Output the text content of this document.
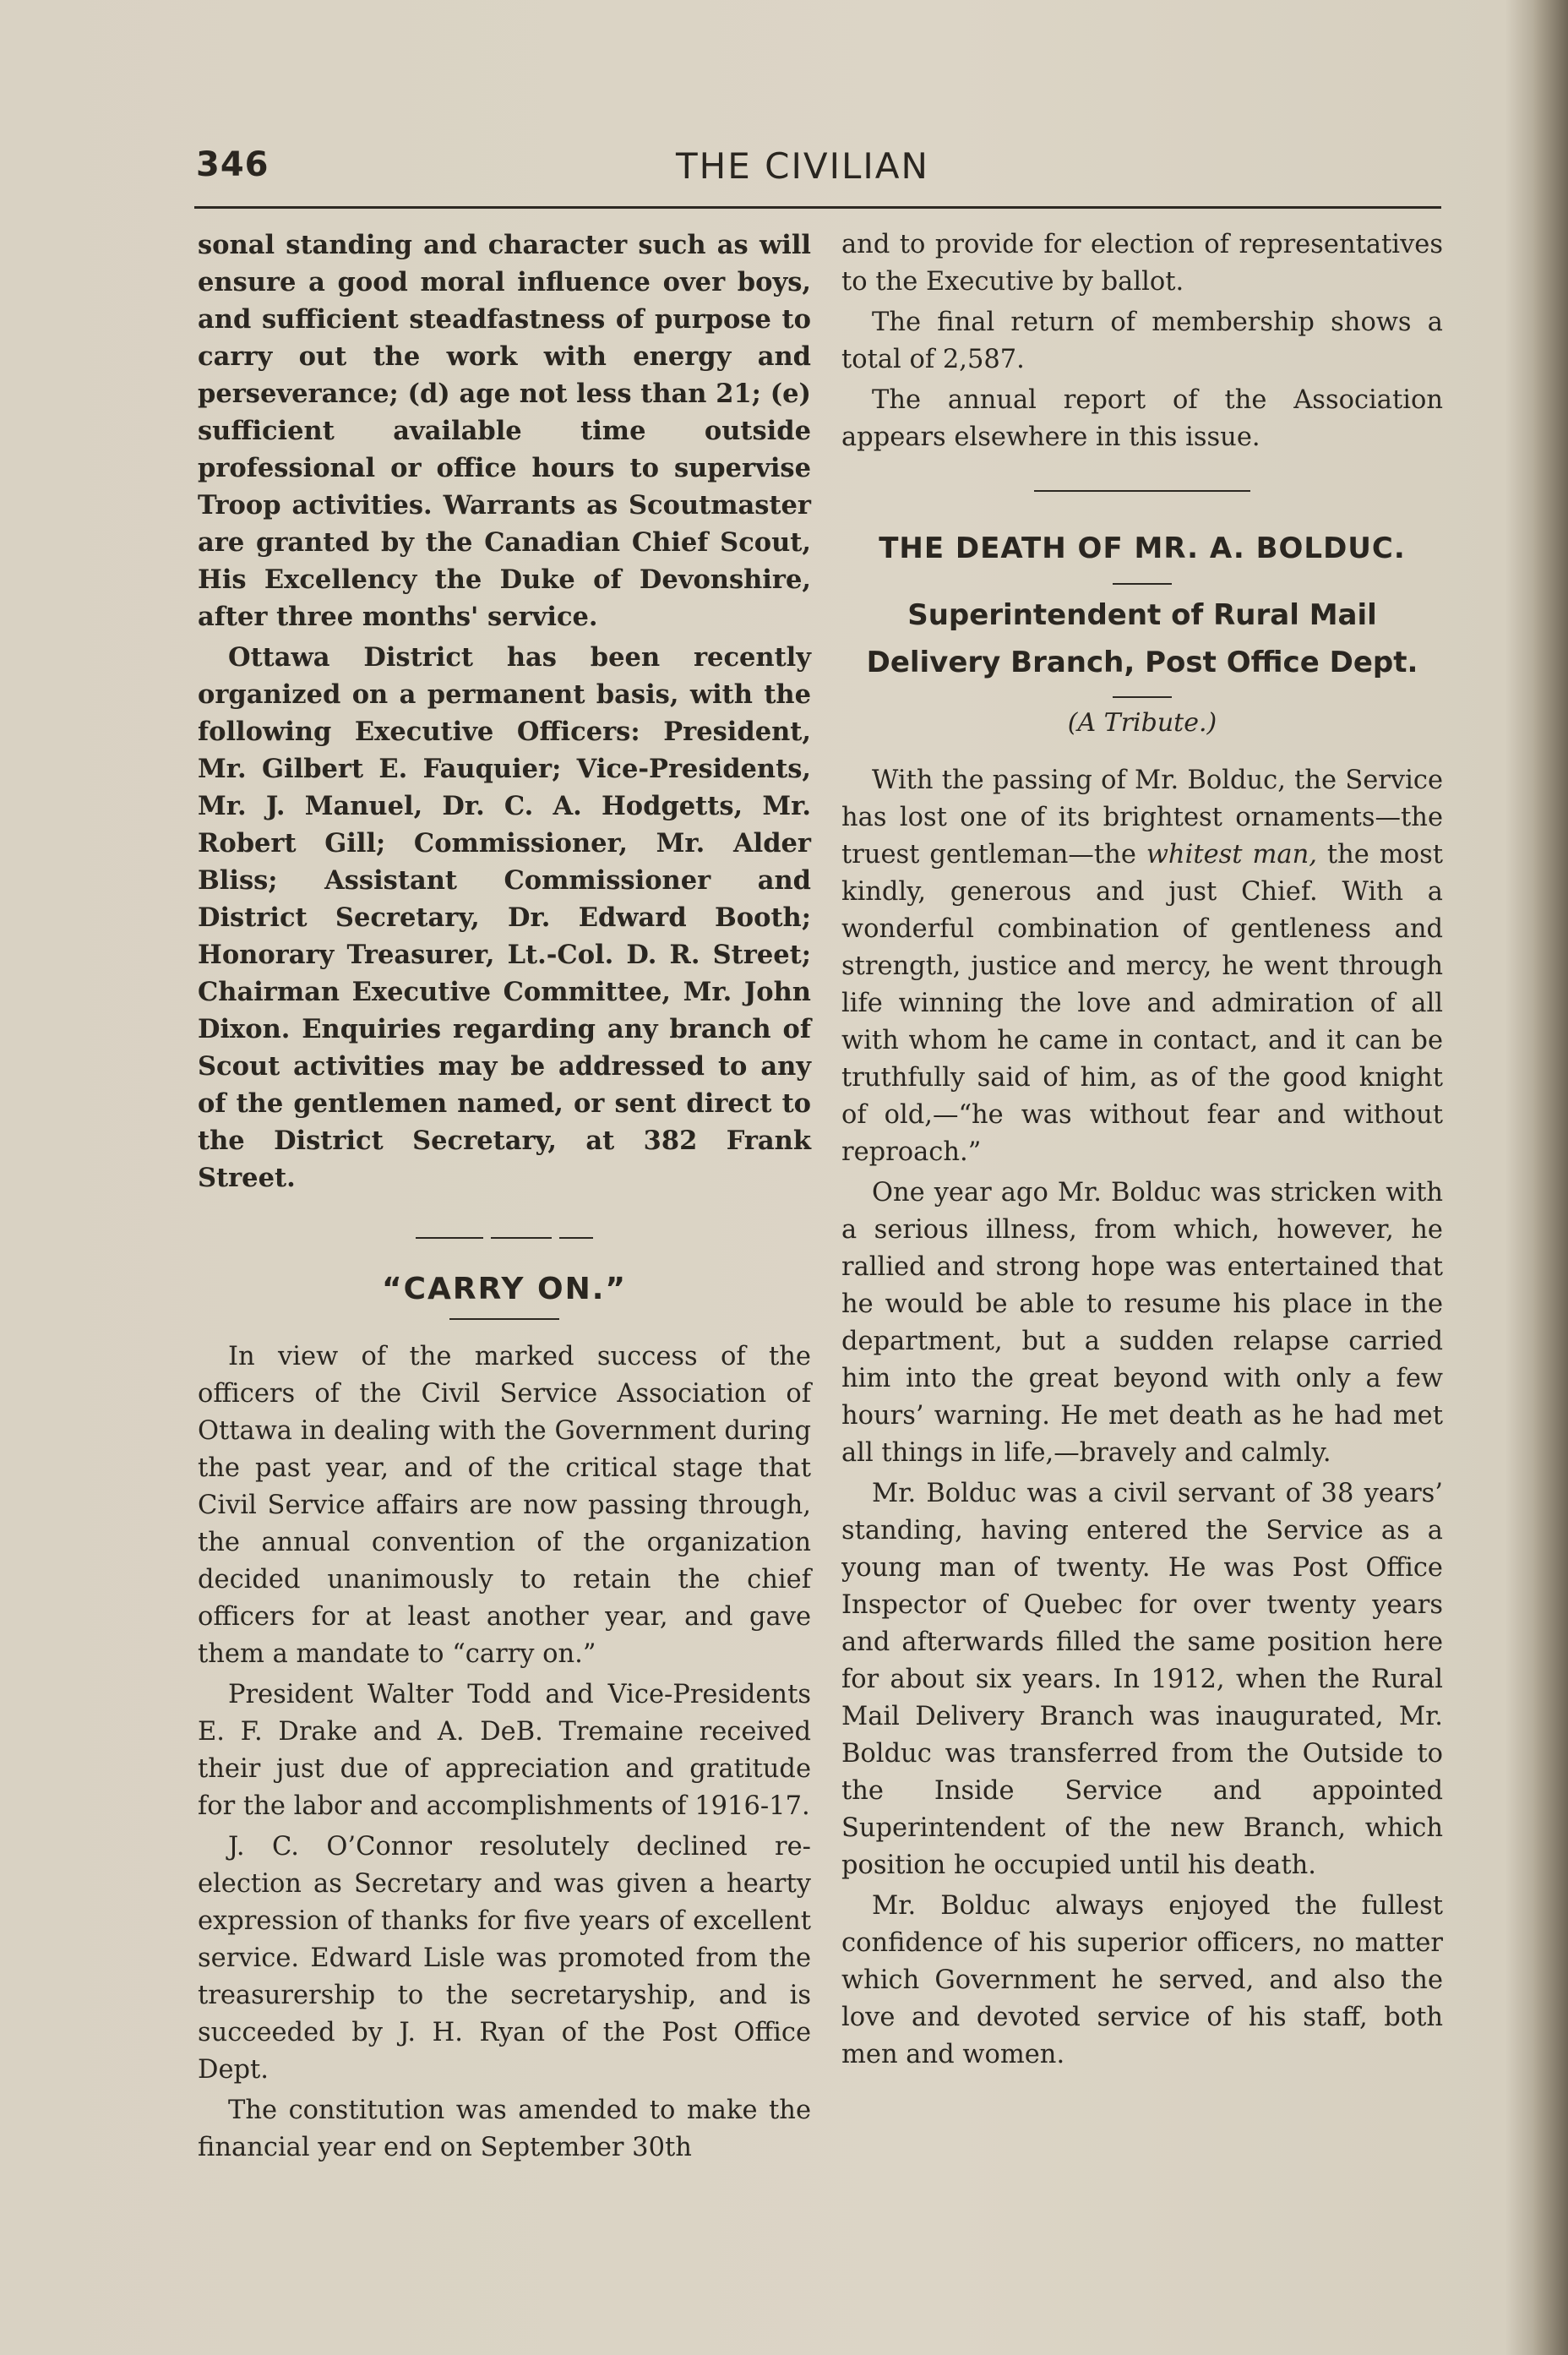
346	THE CIVILIAN

sonal standing and character such as will ensure a good moral influence over boys, and sufficient steadfastness of purpose to carry out the work with energy and perseverance; (d) age not less than 21; (e) sufficient available time outside professional or office hours to supervise Troop activities. Warrants as Scoutmaster are granted by the Canadian Chief Scout, His Excellency the Duke of Devonshire, after three months' service.

Ottawa District has been recently organized on a permanent basis, with the following Executive Officers: President, Mr. Gilbert E. Fauquier; Vice-Presidents, Mr. J. Manuel, Dr. C. A. Hodgetts, Mr. Robert Gill; Commissioner, Mr. Alder Bliss; Assistant Commissioner and District Secretary, Dr. Edward Booth; Honorary Treasurer, Lt.-Col. D. R. Street; Chairman Executive Committee, Mr. John Dixon. Enquiries regarding any branch of Scout activities may be addressed to any of the gentlemen named, or sent direct to the District Secretary, at 382 Frank Street.

“CARRY ON.”

In view of the marked success of the officers of the Civil Service Association of Ottawa in dealing with the Government during the past year, and of the critical stage that Civil Service affairs are now passing through, the annual convention of the organization decided unanimously to retain the chief officers for at least another year, and gave them a mandate to “carry on.”

President Walter Todd and Vice-Presidents E. F. Drake and A. DeB. Tremaine received their just due of appreciation and gratitude for the labor and accomplishments of 1916-17.

J. C. O’Connor resolutely declined re-election as Secretary and was given a hearty expression of thanks for five years of excellent service. Edward Lisle was promoted from the treasurership to the secretaryship, and is succeeded by J. H. Ryan of the Post Office Dept.

The constitution was amended to make the financial year end on September 30th

and to provide for election of representatives to the Executive by ballot.

The final return of membership shows a total of 2,587.

The annual report of the Association appears elsewhere in this issue.

THE DEATH OF MR. A. BOLDUC.

Superintendent of Rural Mail Delivery Branch, Post Office Dept.

(A Tribute.)

With the passing of Mr. Bolduc, the Service has lost one of its brightest ornaments—the truest gentleman—the whitest man, the most kindly, generous and just Chief. With a wonderful combination of gentleness and strength, justice and mercy, he went through life winning the love and admiration of all with whom he came in contact, and it can be truthfully said of him, as of the good knight of old,—“he was without fear and without reproach.”

One year ago Mr. Bolduc was stricken with a serious illness, from which, however, he rallied and strong hope was entertained that he would be able to resume his place in the department, but a sudden relapse carried him into the great beyond with only a few hours’ warning. He met death as he had met all things in life,—bravely and calmly.

Mr. Bolduc was a civil servant of 38 years’ standing, having entered the Service as a young man of twenty. He was Post Office Inspector of Quebec for over twenty years and afterwards filled the same position here for about six years. In 1912, when the Rural Mail Delivery Branch was inaugurated, Mr. Bolduc was transferred from the Outside to the Inside Service and appointed Superintendent of the new Branch, which position he occupied until his death.

Mr. Bolduc always enjoyed the fullest confidence of his superior officers, no matter which Government he served, and also the love and devoted service of his staff, both men and women.
